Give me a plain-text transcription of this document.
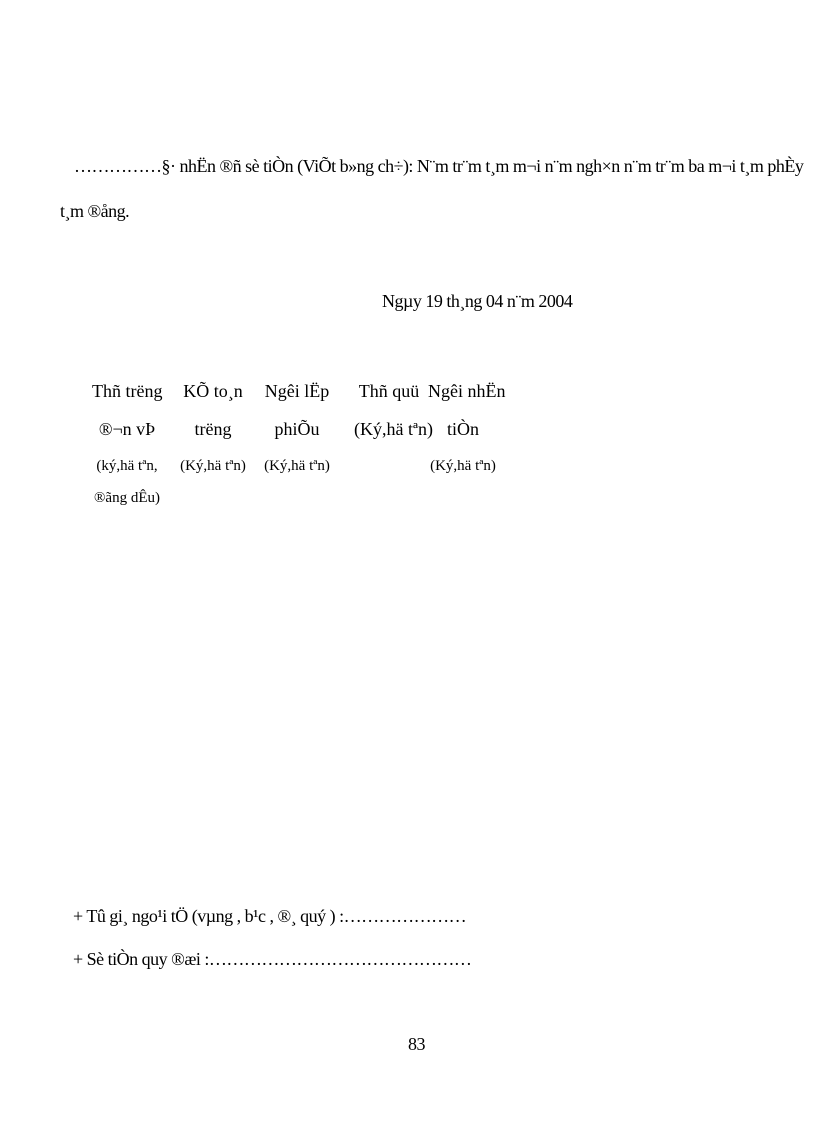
……………§· nhËn ®ñ sè tiÒn (ViÕt b»ng ch÷): N¨m tr¨m t¸m m¬i n¨m ngh×n n¨m tr¨m ba m¬i t¸m phÈy
t¸m ®ång.
Ngµy 19 th¸ng 04 n¨m 2004
Thñ trëng
®¬n vÞ
(ký,hä tªn,
®ãng dÊu)
KÕ to¸n
trëng
(Ký,hä tªn)
Ngêi lËp
phiÕu
(Ký,hä tªn)
Thñ quü
(Ký,hä tªn)
Ngêi nhËn
tiÒn
(Ký,hä tªn)
+ Tû gi¸ ngo¹i tÖ (vµng , b¹c , ®¸ quý ) :…………………
+ Sè tiÒn quy ®æi :………………………………………
83
